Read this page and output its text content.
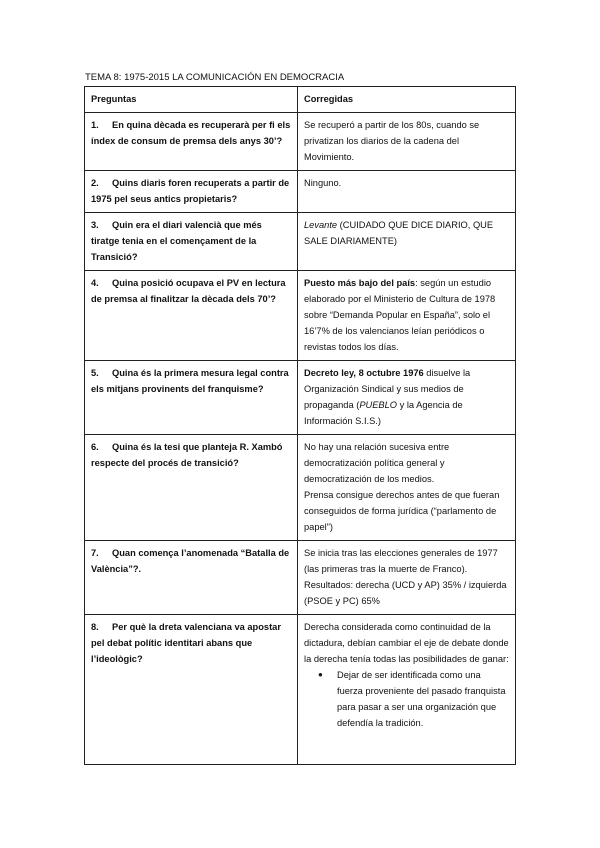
TEMA 8: 1975-2015 LA COMUNICACIÓN EN DEMOCRACIA
Preguntas	Corregidas
1. En quina dècada es recuperarà per fi els índex de consum de premsa dels anys 30’?	Se recuperó a partir de los 80s, cuando se privatizan los diarios de la cadena del Movimiento.
2. Quins diaris foren recuperats a partir de 1975 pel seus antics propietaris?	Ninguno.
3. Quin era el diari valencià que més tiratge tenia en el començament de la Transició?	Levante (CUIDADO QUE DICE DIARIO, QUE SALE DIARIAMENTE)
4. Quina posició ocupava el PV en lectura de premsa al finalitzar la dècada dels 70’?	Puesto más bajo del país: según un estudio elaborado por el Ministerio de Cultura de 1978 sobre “Demanda Popular en España”, solo el 16’7% de los valencianos leían periódicos o revistas todos los días.
5. Quina és la primera mesura legal contra els mitjans provinents del franquisme?	Decreto ley, 8 octubre 1976 disuelve la Organización Sindical y sus medios de propaganda (PUEBLO y la Agencia de Información S.I.S.)
6. Quina és la tesi que planteja R. Xambó respecte del procés de transició?	No hay una relación sucesiva entre democratización política general y democratización de los medios.
Prensa consigue derechos antes de que fueran conseguidos de forma jurídica (“parlamento de papel”)

7. Quan comença l’anomenada “Batalla de València”?.	Se inicia tras las elecciones generales de 1977 (las primeras tras la muerte de Franco). Resultados: derecha (UCD y AP) 35% / izquierda (PSOE y PC) 65%
8. Per què la dreta valenciana va apostar pel debat polític identitari abans que l’ideològic?	Derecha considerada como continuidad de la dictadura, debían cambiar el eje de debate donde la derecha tenía todas las posibilidades de ganar:
● Dejar de ser identificada como una fuerza proveniente del pasado franquista para pasar a ser una organización que defendía la tradición.
